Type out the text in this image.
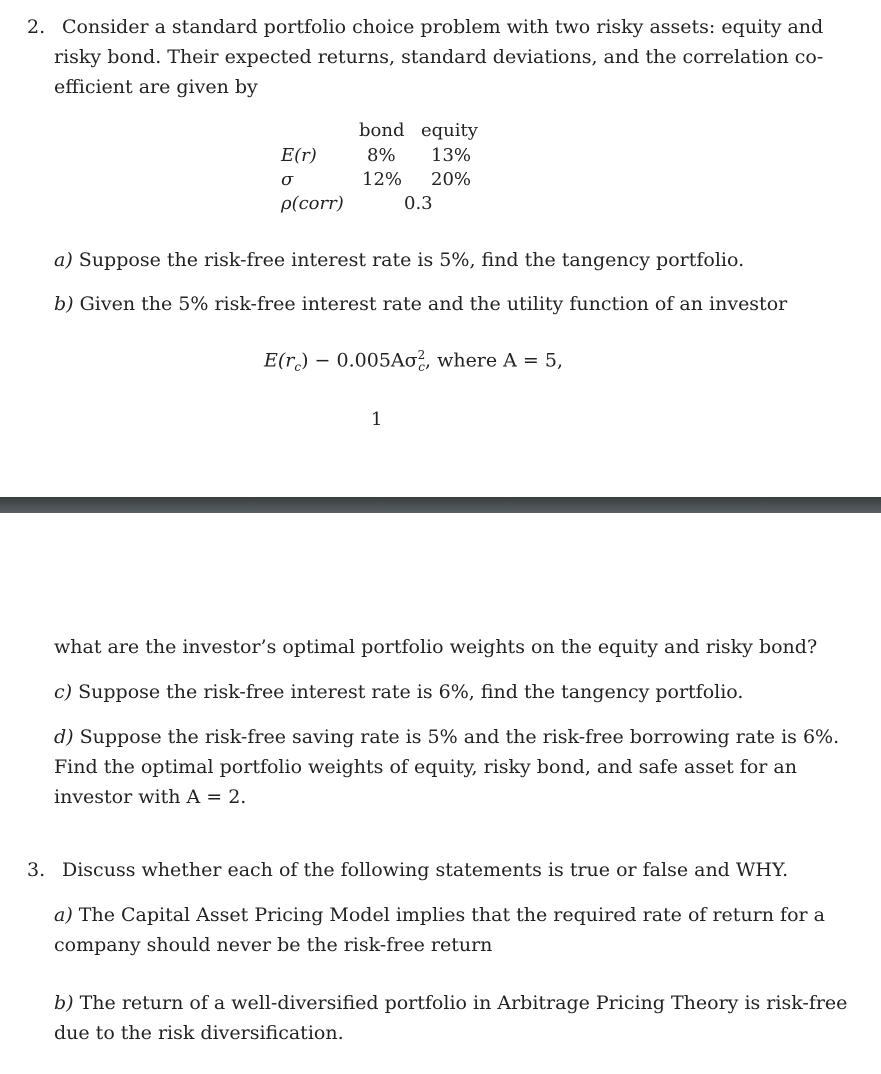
2. Consider a standard portfolio choice problem with two risky assets: equity and
risky bond. Their expected returns, standard deviations, and the correlation co-
efficient are given by
bond equity
E(r)	8% 13%
σ	12% 20%
ρ(corr)	0.3
a) Suppose the risk-free interest rate is 5%, find the tangency portfolio.
b) Given the 5% risk-free interest rate and the utility function of an investor
$E(r_c) - 0.005A\sigma^2_c$, where A = 5,
1
what are the investor’s optimal portfolio weights on the equity and risky bond?
c) Suppose the risk-free interest rate is 6%, find the tangency portfolio.
d) Suppose the risk-free saving rate is 5% and the risk-free borrowing rate is 6%.
Find the optimal portfolio weights of equity, risky bond, and safe asset for an
investor with A = 2.
3. Discuss whether each of the following statements is true or false and WHY.
a) The Capital Asset Pricing Model implies that the required rate of return for a
company should never be the risk-free return
b) The return of a well-diversified portfolio in Arbitrage Pricing Theory is risk-free
due to the risk diversification.
